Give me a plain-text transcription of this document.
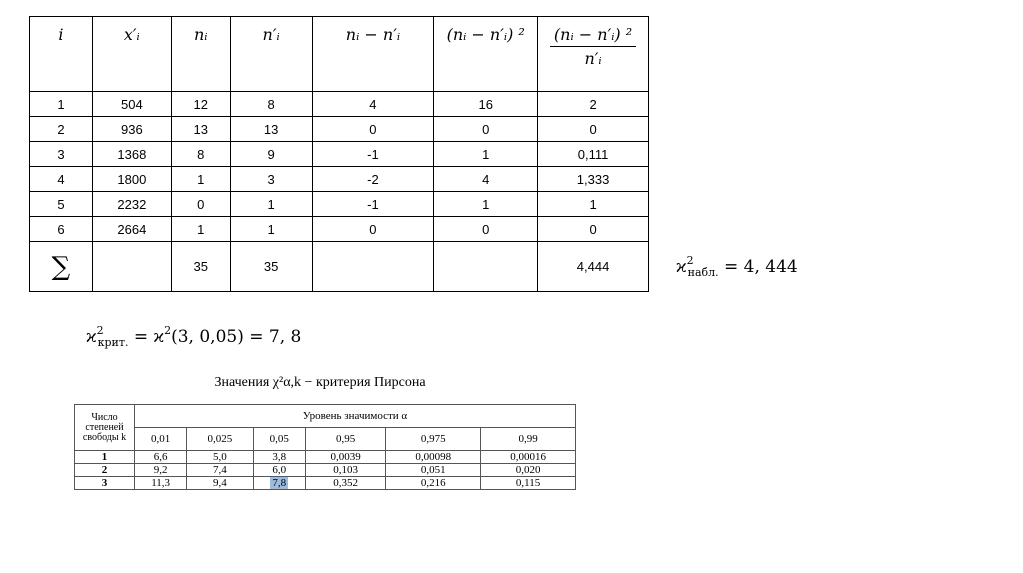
i	x′ᵢ	nᵢ	n′ᵢ	nᵢ − n′ᵢ	(nᵢ − n′ᵢ) ²	$\frac{\text{(nᵢ − n′ᵢ) ²}}{\text{n′ᵢ}}$

1	504	12	8	4	16	2
2	936	13	13	0	0	0
3	1368	8	9	-1	1	0,111
4	1800	1	3	-2	4	1,333
5	2232	0	1	-1	1	1
6	2664	1	1	0	0	0
∑		35	35			4,444	$ϰ^2_{набл.} = 4$, 444
$ϰ^2_{крит.} = ϰ^2(3$, 0,05) = 7, 8
Значения χ²α,k − критерия Пирсона
Число степеней свободы k	Уровень значимости α					
	0,01	0,025	0,05	0,95	0,975	0,99
1	6,6	5,0	3,8	0,0039	0,00098	0,00016
2	9,2	7,4	6,0	0,103	0,051	0,020
3	11,3	9,4	7,8	0,352	0,216	0,115
